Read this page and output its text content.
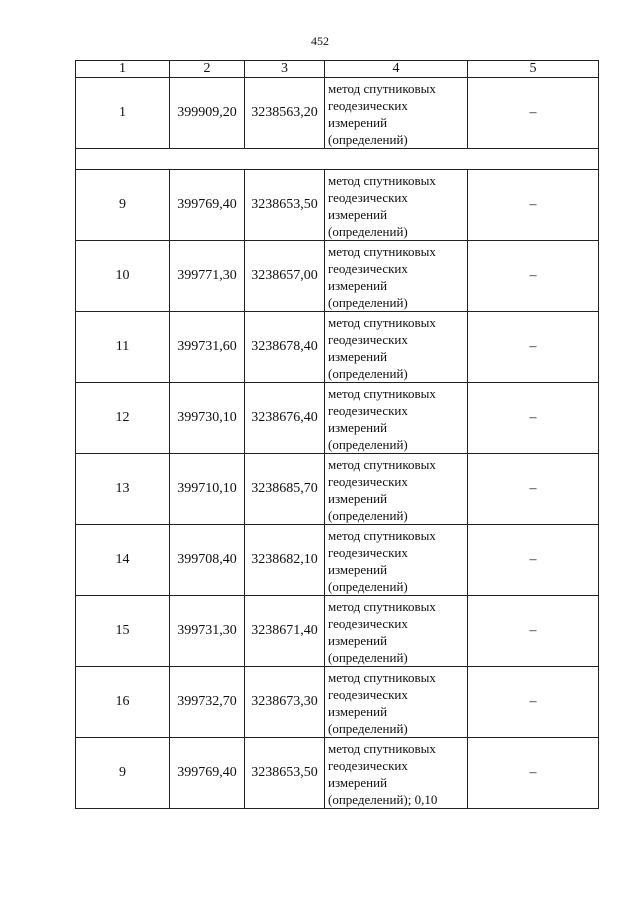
452
1	2	3	4	5
1	399909,20	3238563,20	метод спутниковых
геодезических
измерений
(определений)	–

9	399769,40	3238653,50	метод спутниковых
геодезических
измерений
(определений)	–
10	399771,30	3238657,00	метод спутниковых
геодезических
измерений
(определений)	–
11	399731,60	3238678,40	метод спутниковых
геодезических
измерений
(определений)	–
12	399730,10	3238676,40	метод спутниковых
геодезических
измерений
(определений)	–
13	399710,10	3238685,70	метод спутниковых
геодезических
измерений
(определений)	–
14	399708,40	3238682,10	метод спутниковых
геодезических
измерений
(определений)	–
15	399731,30	3238671,40	метод спутниковых
геодезических
измерений
(определений)	–
16	399732,70	3238673,30	метод спутниковых
геодезических
измерений
(определений)	–
9	399769,40	3238653,50	метод спутниковых
геодезических
измерений
(определений); 0,10	–
